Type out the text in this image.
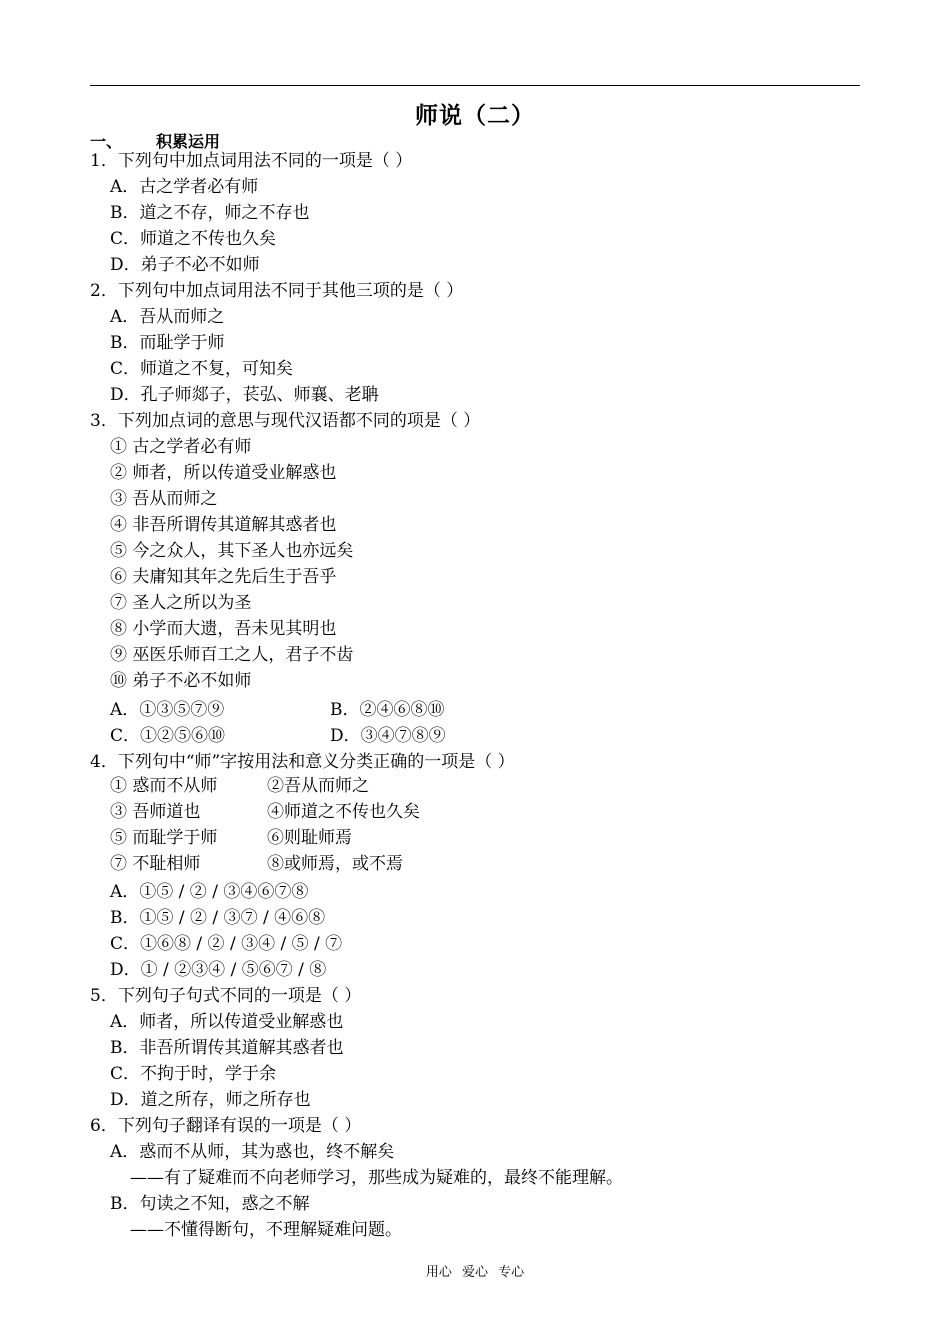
师说（二）
一、 积累运用
1．下列句中加点词用法不同的一项是（ ）
A．古之学者必有师
B．道之不存，师之不存也
C．师道之不传也久矣
D．弟子不必不如师
2．下列句中加点词用法不同于其他三项的是（ ）
A．吾从而师之
B．而耻学于师
C．师道之不复，可知矣
D．孔子师郯子，苌弘、师襄、老聃
3．下列加点词的意思与现代汉语都不同的项是（ ）
① 古之学者必有师
② 师者，所以传道受业解惑也
③ 吾从而师之
④ 非吾所谓传其道解其惑者也
⑤ 今之众人，其下圣人也亦远矣
⑥ 夫庸知其年之先后生于吾乎
⑦ 圣人之所以为圣
⑧ 小学而大遗，吾未见其明也
⑨ 巫医乐师百工之人，君子不齿
⑩ 弟子不必不如师
A．①③⑤⑦⑨	B．②④⑥⑧⑩
C．①②⑤⑥⑩	D．③④⑦⑧⑨
4．下列句中“师”字按用法和意义分类正确的一项是（ ）
① 惑而不从师	②吾从而师之
③ 吾师道也	④师道之不传也久矣
⑤ 而耻学于师	⑥则耻师焉
⑦ 不耻相师	⑧或师焉，或不焉
A．①⑤ / ② / ③④⑥⑦⑧
B．①⑤ / ② / ③⑦ / ④⑥⑧
C．①⑥⑧ / ② / ③④ / ⑤ / ⑦
D．① / ②③④ / ⑤⑥⑦ / ⑧
5．下列句子句式不同的一项是（ ）
A．师者，所以传道受业解惑也
B．非吾所谓传其道解其惑者也
C．不拘于时，学于余
D．道之所存，师之所存也
6．下列句子翻译有误的一项是（ ）
A．惑而不从师，其为惑也，终不解矣
——有了疑难而不向老师学习，那些成为疑难的，最终不能理解。
B．句读之不知，惑之不解
——不懂得断句，不理解疑难问题。
用心 爱心 专心
